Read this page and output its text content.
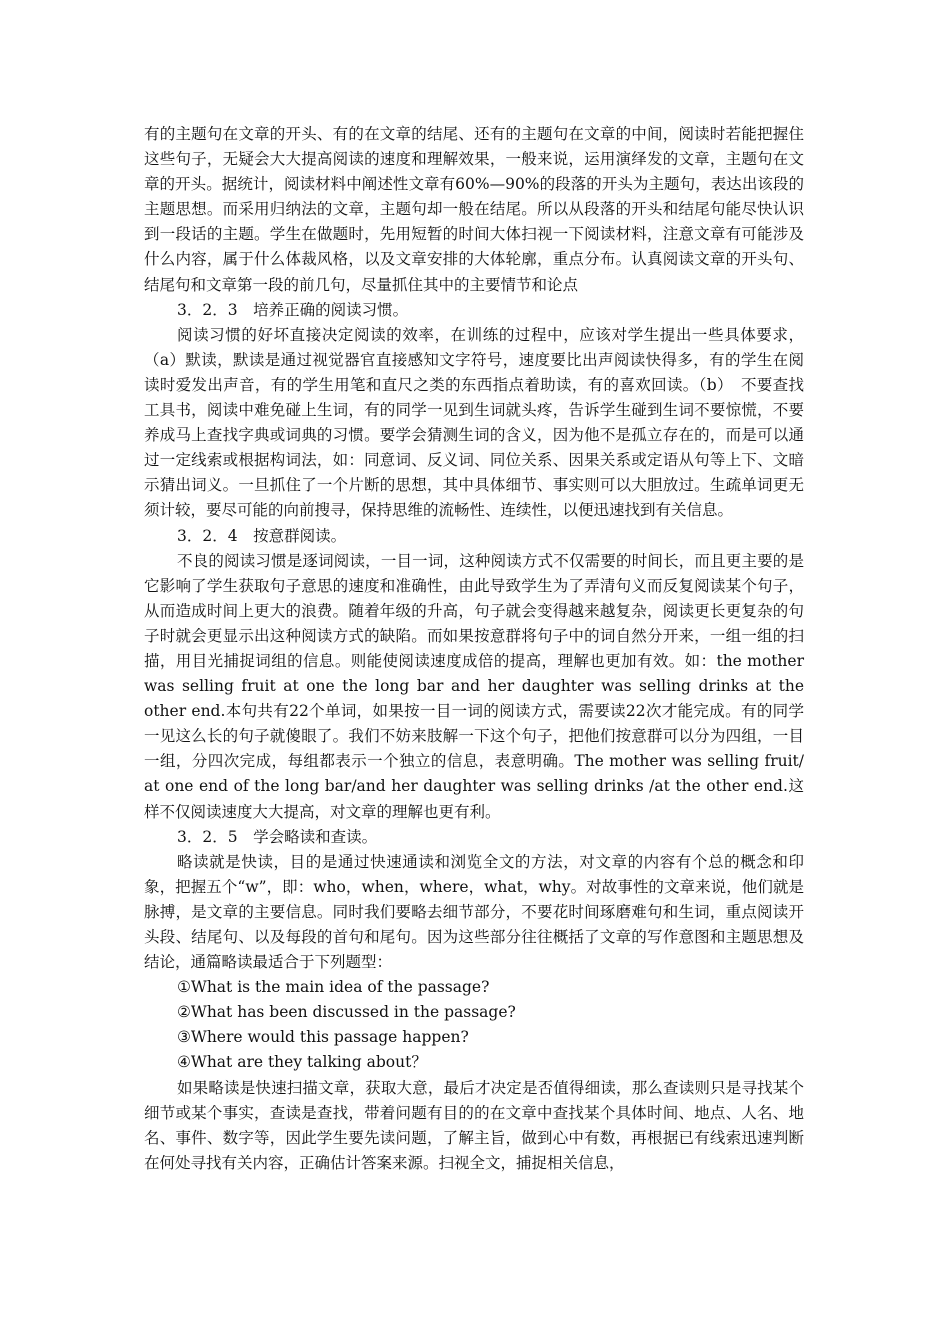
有的主题句在文章的开头、有的在文章的结尾、还有的主题句在文章的中间，阅读时若能把握住这些句子，无疑会大大提高阅读的速度和理解效果，一般来说，运用演绎发的文章，主题句在文章的开头。据统计，阅读材料中阐述性文章有60%—90%的段落的开头为主题句，表达出该段的主题思想。而采用归纳法的文章，主题句却一般在结尾。所以从段落的开头和结尾句能尽快认识到一段话的主题。学生在做题时，先用短暂的时间大体扫视一下阅读材料，注意文章有可能涉及什么内容，属于什么体裁风格，以及文章安排的大体轮廓，重点分布。认真阅读文章的开头句、结尾句和文章第一段的前几句，尽量抓住其中的主要情节和论点

3．2．3　培养正确的阅读习惯。

阅读习惯的好坏直接决定阅读的效率，在训练的过程中，应该对学生提出一些具体要求，（a）默读，默读是通过视觉器官直接感知文字符号，速度要比出声阅读快得多，有的学生在阅读时爱发出声音，有的学生用笔和直尺之类的东西指点着助读，有的喜欢回读。（b）　不要查找工具书，阅读中难免碰上生词，有的同学一见到生词就头疼，告诉学生碰到生词不要惊慌，不要养成马上查找字典或词典的习惯。要学会猜测生词的含义，因为他不是孤立存在的，而是可以通过一定线索或根据构词法，如：同意词、反义词、同位关系、因果关系或定语从句等上下、文暗示猜出词义。一旦抓住了一个片断的思想，其中具体细节、事实则可以大胆放过。生疏单词更无须计较，要尽可能的向前搜寻，保持思维的流畅性、连续性，以便迅速找到有关信息。

3．2．4　按意群阅读。

不良的阅读习惯是逐词阅读，一目一词，这种阅读方式不仅需要的时间长，而且更主要的是它影响了学生获取句子意思的速度和准确性，由此导致学生为了弄清句义而反复阅读某个句子，从而造成时间上更大的浪费。随着年级的升高，句子就会变得越来越复杂，阅读更长更复杂的句子时就会更显示出这种阅读方式的缺陷。而如果按意群将句子中的词自然分开来，一组一组的扫描，用目光捕捉词组的信息。则能使阅读速度成倍的提高，理解也更加有效。如：the mother was selling fruit at one the long bar and her daughter was selling drinks at the other end.本句共有22个单词，如果按一目一词的阅读方式，需要读22次才能完成。有的同学一见这么长的句子就傻眼了。我们不妨来肢解一下这个句子，把他们按意群可以分为四组，一目一组，分四次完成，每组都表示一个独立的信息，表意明确。The mother was selling fruit/ at one end of the long bar/and her daughter was selling drinks /at the other end.这样不仅阅读速度大大提高，对文章的理解也更有利。

3．2．5　学会略读和查读。

略读就是快读，目的是通过快速通读和浏览全文的方法，对文章的内容有个总的概念和印象，把握五个“w”，即：who，when，where，what，why。对故事性的文章来说，他们就是脉搏，是文章的主要信息。同时我们要略去细节部分，不要花时间琢磨难句和生词，重点阅读开头段、结尾句、以及每段的首句和尾句。因为这些部分往往概括了文章的写作意图和主题思想及结论，通篇略读最适合于下列题型：

①What is the main idea of the passage?

②What has been discussed in the passage?

③Where would this passage happen?

④What are they talking about？

如果略读是快速扫描文章，获取大意，最后才决定是否值得细读，那么查读则只是寻找某个细节或某个事实，查读是查找，带着问题有目的的在文章中查找某个具体时间、地点、人名、地名、事件、数字等，因此学生要先读问题，了解主旨，做到心中有数，再根据已有线索迅速判断在何处寻找有关内容，正确估计答案来源。扫视全文，捕捉相关信息，
